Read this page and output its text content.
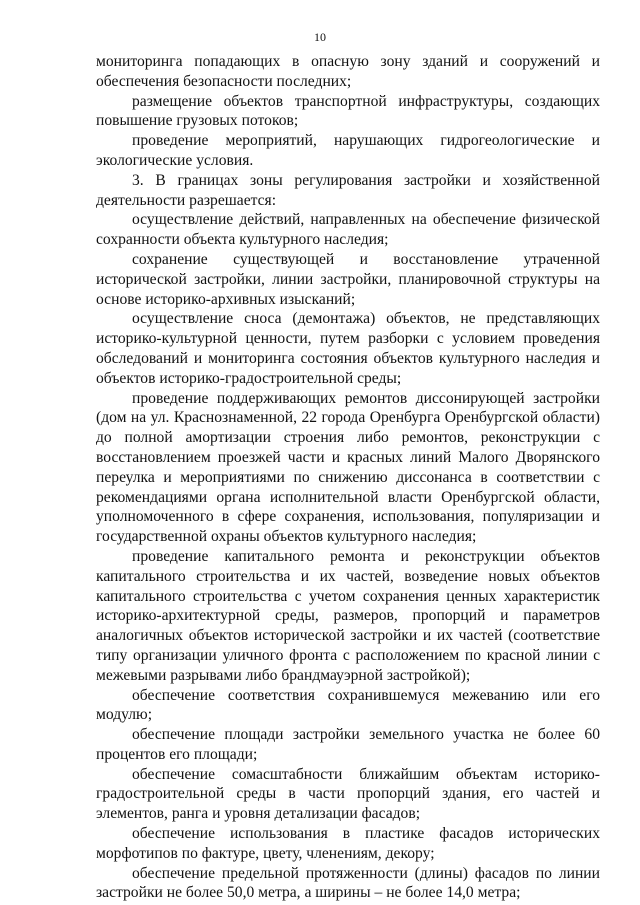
10

мониторинга попадающих в опасную зону зданий и сооружений и обеспечения безопасности последних;

размещение объектов транспортной инфраструктуры, создающих повышение грузовых потоков;

проведение мероприятий, нарушающих гидрогеологические и экологические условия.

3. В границах зоны регулирования застройки и хозяйственной деятельности разрешается:

осуществление действий, направленных на обеспечение физической сохранности объекта культурного наследия;

сохранение существующей и восстановление утраченной исторической застройки, линии застройки, планировочной структуры на основе историко-архивных изысканий;

осуществление сноса (демонтажа) объектов, не представляющих историко-культурной ценности, путем разборки с условием проведения обследований и мониторинга состояния объектов культурного наследия и объектов историко-градостроительной среды;

проведение поддерживающих ремонтов диссонирующей застройки (дом на ул. Краснознаменной, 22 города Оренбурга Оренбургской области) до полной амортизации строения либо ремонтов, реконструкции с восстановлением проезжей части и красных линий Малого Дворянского переулка и мероприятиями по снижению диссонанса в соответствии с рекомендациями органа исполнительной власти Оренбургской области, уполномоченного в сфере сохранения, использования, популяризации и государственной охраны объектов культурного наследия;

проведение капитального ремонта и реконструкции объектов капитального строительства и их частей, возведение новых объектов капитального строительства с учетом сохранения ценных характеристик историко-архитектурной среды, размеров, пропорций и параметров аналогичных объектов исторической застройки и их частей (соответствие типу организации уличного фронта с расположением по красной линии с межевыми разрывами либо брандмауэрной застройкой);

обеспечение соответствия сохранившемуся межеванию или его модулю;

обеспечение площади застройки земельного участка не более 60 процентов его площади;

обеспечение сомасштабности ближайшим объектам историко-градостроительной среды в части пропорций здания, его частей и элементов, ранга и уровня детализации фасадов;

обеспечение использования в пластике фасадов исторических морфотипов по фактуре, цвету, членениям, декору;

обеспечение предельной протяженности (длины) фасадов по линии застройки не более 50,0 метра, а ширины – не более 14,0 метра;
